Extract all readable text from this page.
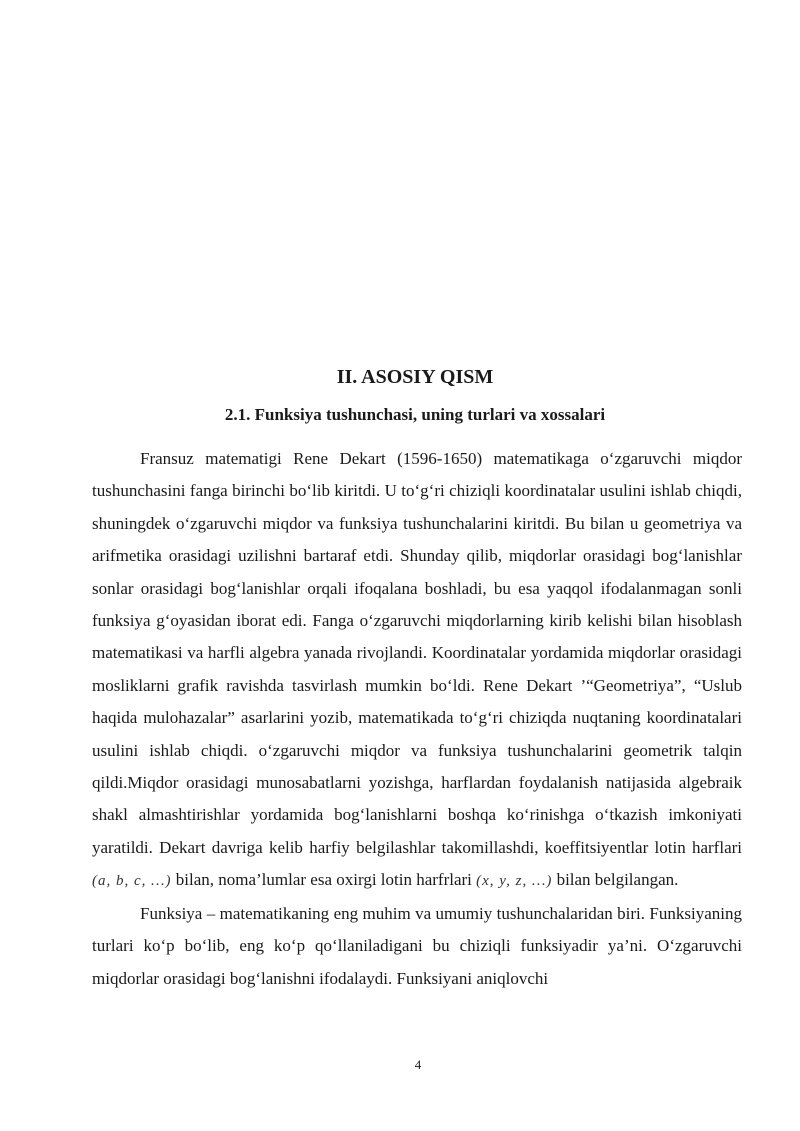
II. ASOSIY QISM
2.1. Funksiya tushunchasi, uning turlari va xossalari

Fransuz matematigi Rene Dekart (1596-1650) matematikaga o‘zgaruvchi miqdor tushunchasini fanga birinchi bo‘lib kiritdi. U to‘g‘ri chiziqli koordinatalar usulini ishlab chiqdi, shuningdek o‘zgaruvchi miqdor va funksiya tushunchalarini kiritdi. Bu bilan u geometriya va arifmetika orasidagi uzilishni bartaraf etdi. Shunday qilib, miqdorlar orasidagi bog‘lanishlar sonlar orasidagi bog‘lanishlar orqali ifoqalana boshladi, bu esa yaqqol ifodalanmagan sonli funksiya g‘oyasidan iborat edi. Fanga o‘zgaruvchi miqdorlarning kirib kelishi bilan hisoblash matematikasi va harfli algebra yanada rivojlandi. Koordinatalar yordamida miqdorlar orasidagi mosliklarni grafik ravishda tasvirlash mumkin bo‘ldi. Rene Dekart ’“Geometriya”, “Uslub haqida mulohazalar” asarlarini yozib, matematikada to‘g‘ri chiziqda nuqtaning koordinatalari usulini ishlab chiqdi. o‘zgaruvchi miqdor va funksiya tushunchalarini geometrik talqin qildi.Miqdor orasidagi munosabatlarni yozishga, harflardan foydalanish natijasida algebraik shakl almashtirishlar yordamida bog‘lanishlarni boshqa ko‘rinishga o‘tkazish imkoniyati yaratildi. Dekart davriga kelib harfiy belgilashlar takomillashdi, koeffitsiyentlar lotin harflari (a, b, c, …) bilan, noma’lumlar esa oxirgi lotin harfrlari (x, y, z, …) bilan belgilangan.

Funksiya – matematikaning eng muhim va umumiy tushunchalaridan biri. Funksiyaning turlari ko‘p bo‘lib, eng ko‘p qo‘llaniladigani bu chiziqli funksiyadir ya’ni. O‘zgaruvchi miqdorlar orasidagi bog‘lanishni ifodalaydi. Funksiyani aniqlovchi

4
